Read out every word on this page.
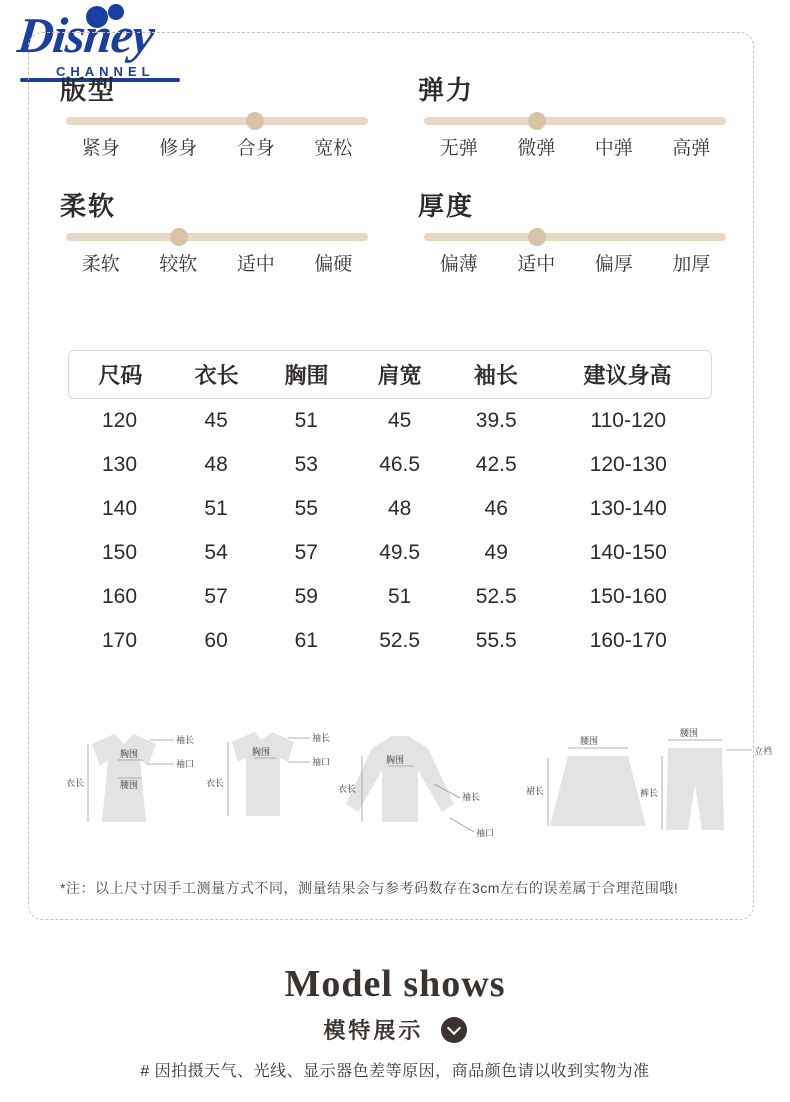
Disney
CHANNEL
版型
紧身	修身	合身	宽松
弹力
无弹	微弹	中弹	高弹
柔软
柔软	较软	适中	偏硬
厚度
偏薄	适中	偏厚	加厚
尺码	衣长	胸围	肩宽	袖长	建议身高
120	45	51	45	39.5	110-120
130	48	53	46.5	42.5	120-130
140	51	55	48	46	130-140
150	54	57	49.5	49	140-150
160	57	59	51	52.5	150-160
170	60	61	52.5	55.5	160-170
衣长
胸围
腰围
袖长
袖口
衣长
胸围
袖长
袖口
衣长
胸围
袖长
袖口
腰围
裙长
腰围
立裆
裤长
*注：以上尺寸因手工测量方式不同，测量结果会与参考码数存在3cm左右的误差属于合理范围哦!
Model shows
模特展示
# 因拍摄天气、光线、显示器色差等原因，商品颜色请以收到实物为准
